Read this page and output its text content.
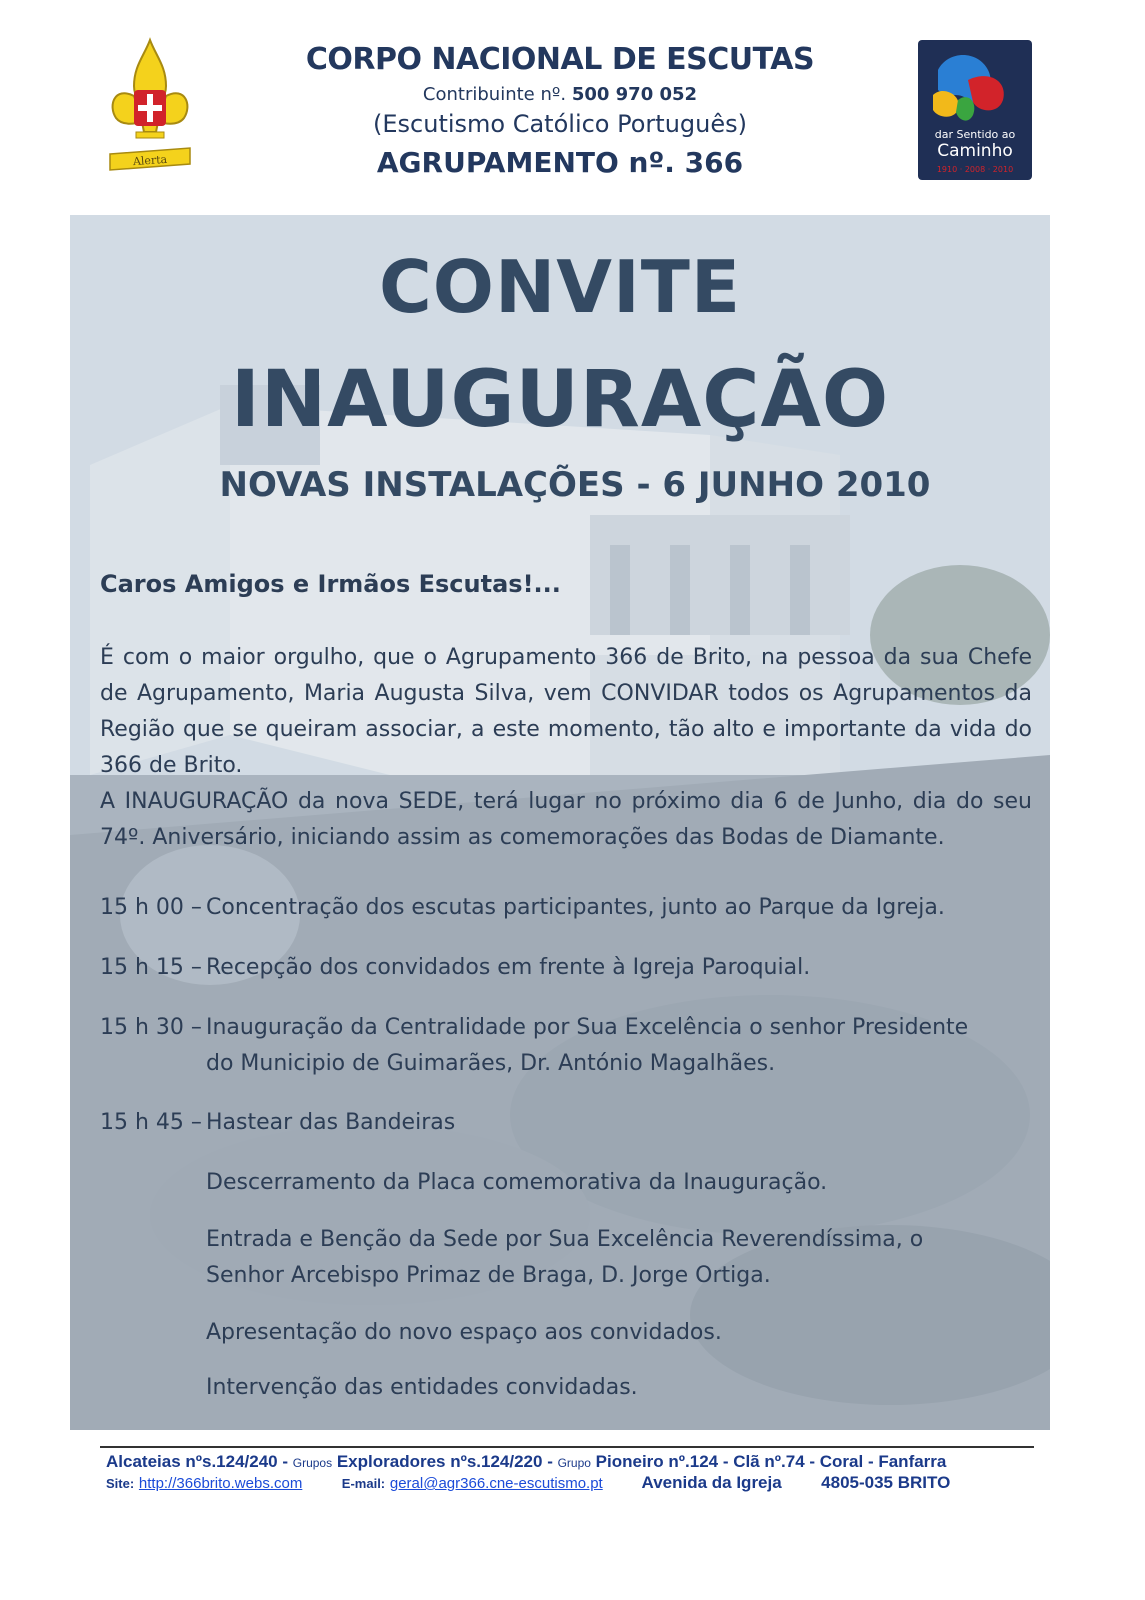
Alerta
dar Sentido ao
Caminho
1910 · 2008 · 2010
CORPO NACIONAL DE ESCUTAS
Contribuinte nº. 500 970 052
(Escutismo Católico Português)
AGRUPAMENTO nº. 366
CONVITE
INAUGURAÇÃO
NOVAS INSTALAÇÕES - 6 JUNHO 2010
Caros Amigos e Irmãos Escutas!...
É com o maior orgulho, que o Agrupamento 366 de Brito, na pessoa da sua Chefe de Agrupamento, Maria Augusta Silva, vem CONVIDAR todos os Agrupamentos da Região que se queiram associar, a este momento, tão alto e importante da vida do 366 de Brito.
A INAUGURAÇÃO da nova SEDE, terá lugar no próximo dia 6 de Junho, dia do seu 74º. Aniversário, iniciando assim as comemorações das Bodas de Diamante.
15 h 00 – Concentração dos escutas participantes, junto ao Parque da Igreja.
15 h 15 – Recepção dos convidados em frente à Igreja Paroquial.
15 h 30 – Inauguração da Centralidade por Sua Excelência o senhor Presidente
do Municipio de Guimarães, Dr. António Magalhães.
15 h 45 – Hastear das Bandeiras
Descerramento da Placa comemorativa da Inauguração.
Entrada e Benção da Sede por Sua Excelência Reverendíssima, o Senhor Arcebispo Primaz de Braga, D. Jorge Ortiga.
Apresentação do novo espaço aos convidados.
Intervenção das entidades convidadas.
Alcateias nºs.124/240 - Grupos Exploradores nºs.124/220 - Grupo Pioneiro nº.124 - Clã nº.74 - Coral - Fanfarra
Site: http://366brito.webs.com	E-mail: geral@agr366.cne-escutismo.pt Avenida da Igreja 4805-035 BRITO
